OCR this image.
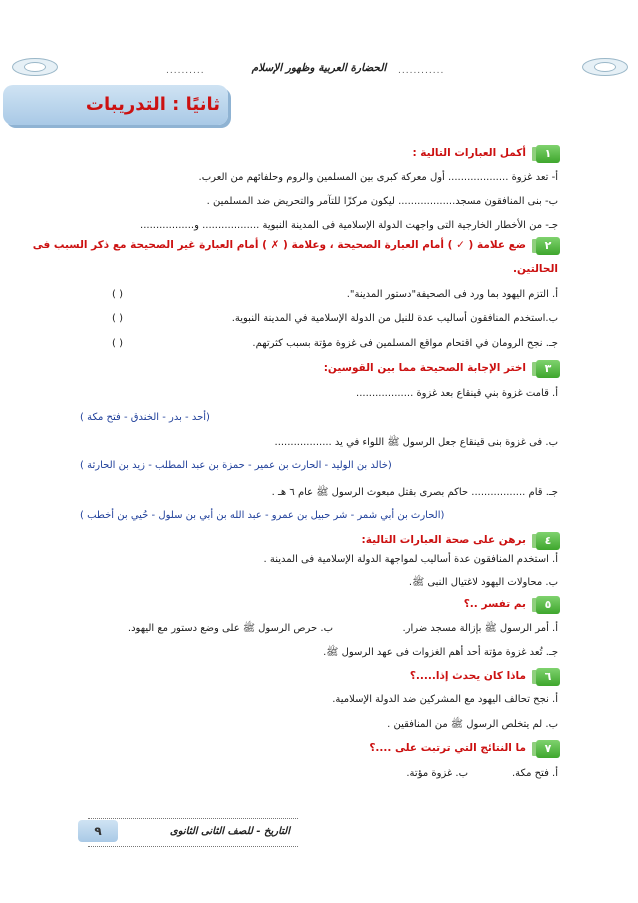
..........	............
الحضارة العربية وظهور الإسلام
ثانيًا : التدريبات
١
أكمل العبارات التالية :
أ- تعد غزوة ................... أول معركة كبرى بين المسلمين والروم وحلفائهم من العرب.
ب- بنى المنافقون مسجد.................. ليكون مركزًا للتآمر والتحريض ضد المسلمين .
جـ- من الأخطار الخارجية التى واجهت الدولة الإسلامية فى المدينة النبوية .................. و.................
٢
ضع علامة ( ✓ ) أمام العبارة الصحيحة ، وعلامة ( ✗ ) أمام العبارة غير الصحيحة مع ذكر السبب فى
الحالتين.
أ. التزم اليهود بما ورد فى الصحيفة"دستور المدينة".
( )
ب.استخدم المنافقون أساليب عدة للنيل من الدولة الإسلامية في المدينة النبوية.
( )
جـ. نجح الرومان في اقتحام مواقع المسلمين فى غزوة مؤتة بسبب كثرتهم.
( )
٣
اختر الإجابة الصحيحة مما بين القوسين:
أ. قامت غزوة بني قينقاع بعد غزوة ..................
( أحد - بدر - الخندق - فتح مكة)
ب. فى غزوة بنى قينقاع جعل الرسول ﷺ اللواء في يد ..................
( خالد بن الوليد - الحارث بن عمير - حمزة بن عبد المطلب - زيد بن الحارثة)
جـ. قام ................. حاكم بصرى بقتل مبعوث الرسول ﷺ عام ٦ هـ .
( الحارث بن أبي شمر - شر حبيل بن عمرو - عبد الله بن أبي بن سلول - حُيي بن أخطب)
٤
برهن على صحة العبارات التالية:
أ. استخدم المنافقون عدة أساليب لمواجهة الدولة الإسلامية فى المدينة .
ب. محاولات اليهود لاغتيال النبى ﷺ.
٥
بم تفسر ..؟
أ. أمر الرسول ﷺ بإزالة مسجد ضرار.
ب. حرص الرسول ﷺ على وضع دستور مع اليهود.
جـ. تُعد غزوة مؤتة أحد أهم الغزوات فى عهد الرسول ﷺ.
٦
ماذا كان يحدث إذا.....؟
أ. نجح تحالف اليهود مع المشركين ضد الدولة الإسلامية.
ب. لم يتخلص الرسول ﷺ من المنافقين .
٧
ما النتائج التي ترتبت على ....؟
أ. فتح مكة.
ب. غزوة مؤتة.
٩	التاريخ - للصف الثانى الثانوى
